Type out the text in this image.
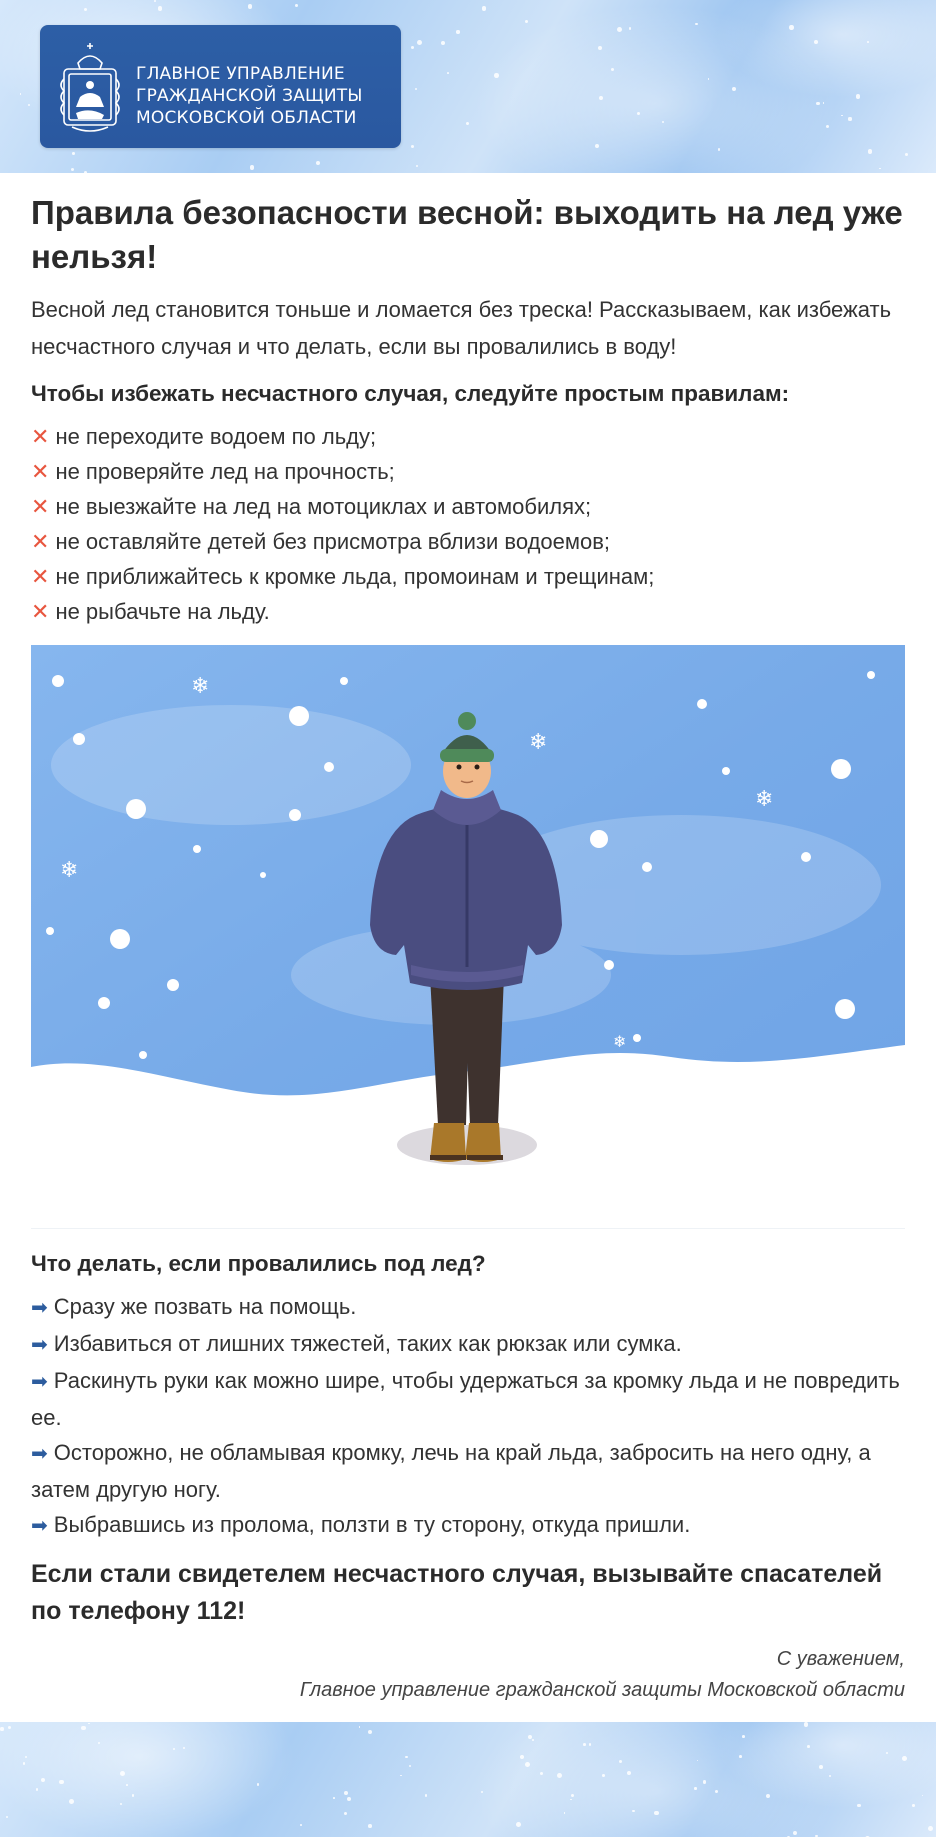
ГЛАВНОЕ УПРАВЛЕНИЕ
ГРАЖДАНСКОЙ ЗАЩИТЫ
МОСКОВСКОЙ ОБЛАСТИ
Правила безопасности весной: выходить на лед уже нельзя!

Весной лед становится тоньше и ломается без треска! Рассказываем, как избежать несчастного случая и что делать, если вы провалились в воду!

Чтобы избежать несчастного случая, следуйте простым правилам:
✕ не переходите водоем по льду;
✕ не проверяйте лед на прочность;
✕ не выезжайте на лед на мотоциклах и автомобилях;
✕ не оставляйте детей без присмотра вблизи водоемов;
✕ не приближайтесь к кромке льда, промоинам и трещинам;
✕ не рыбачьте на льду.
❄
❄
❄
❄
❄
Что делать, если провалились под лед?
➡ Сразу же позвать на помощь.
➡ Избавиться от лишних тяжестей, таких как рюкзак или сумка.
➡ Раскинуть руки как можно шире, чтобы удержаться за кромку льда и не повредить ее.
➡ Осторожно, не обламывая кромку, лечь на край льда, забросить на него одну, а затем другую ногу.
➡ Выбравшись из пролома, ползти в ту сторону, откуда пришли.

Если стали свидетелем несчастного случая, вызывайте спасателей по телефону 112!

С уважением,
Главное управление гражданской защиты Московской области
